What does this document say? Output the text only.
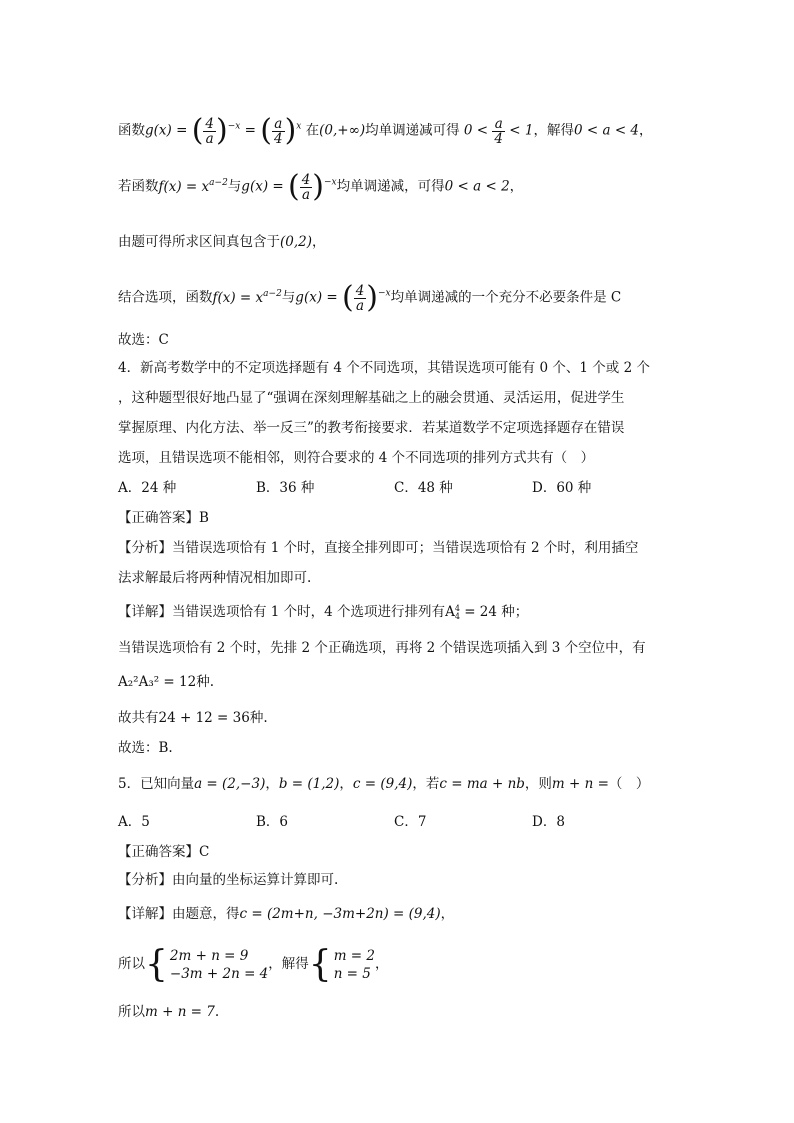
函数g(x) = ( $\frac{4}{a} )^{-x}$ = ( $\frac{a}{4} )^x$ 在(0,+∞)均单调递减可得 $0 < \frac{a}{4} < 1$，解得0 < a < 4，
若函数$f(x) = x^{a-2}$与g(x) = ( $\frac{4}{a} )^{-x}$均单调递减，可得0 < a < 2，
由题可得所求区间真包含于(0,2)，
结合选项，函数$f(x) = x^{a-2}$与g(x) = ( $\frac{4}{a} )^{-x}$均单调递减的一个充分不必要条件是 C
故选：C
4．新高考数学中的不定项选择题有 4 个不同选项，其错误选项可能有 0 个、1 个或 2 个
，这种题型很好地凸显了“强调在深刻理解基础之上的融会贯通、灵活运用，促进学生
掌握原理、内化方法、举一反三”的教考衔接要求．若某道数学不定项选择题存在错误
选项，且错误选项不能相邻，则符合要求的 4 个不同选项的排列方式共有（　）
A．24 种	B．36 种	C．48 种	D．60 种
【正确答案】B
【分析】当错误选项恰有 1 个时，直接全排列即可；当错误选项恰有 2 个时，利用插空
法求解最后将两种情况相加即可.
【详解】当错误选项恰有 1 个时，4 个选项进行排列有A 4
4 = 24 种；
当错误选项恰有 2 个时，先排 2 个正确选项，再将 2 个错误选项插入到 3 个空位中，有
A₂²A₃² = 12种.
故共有24 + 12 = 36种.
故选：B.
5．已知向量a = (2,−3)，b = (1,2)，c = (9,4)，若c = ma + nb，则m + n =（　）
A．5	B．6	C．7	D．8
【正确答案】C
【分析】由向量的坐标运算计算即可.
【详解】由题意，得c = (2m+n, −3m+2n) = (9,4)，
所以{ 2m + n = 9
−3m + 2n = 4
，解得{ m = 2
n = 5
，
所以m + n = 7.
